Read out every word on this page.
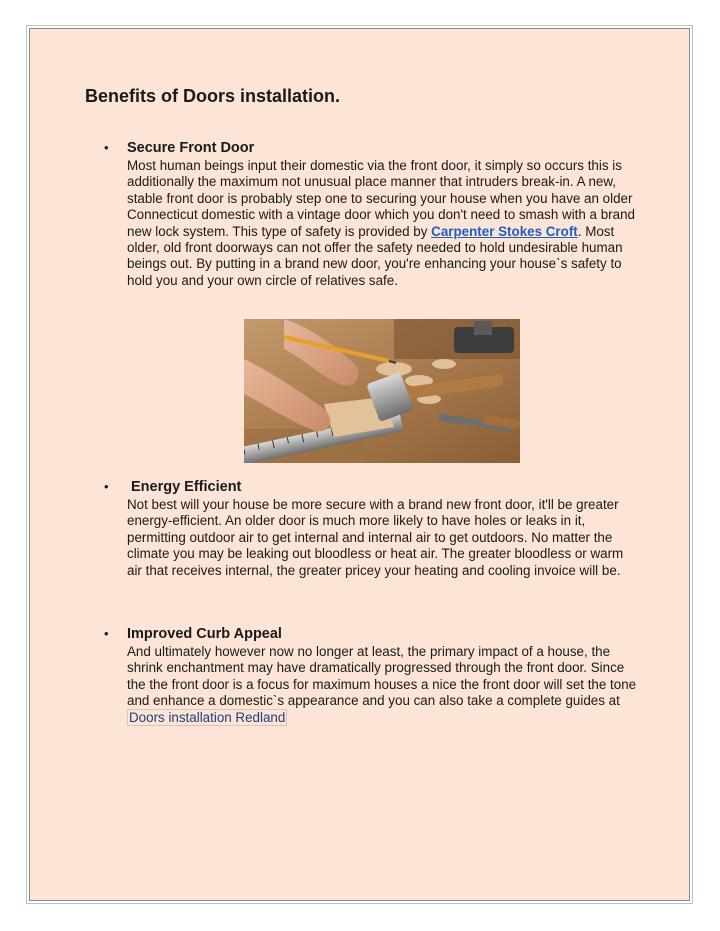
Benefits of Doors installation.
• Secure Front Door

Most human beings input their domestic via the front door, it simply so occurs this is additionally the maximum not unusual place manner that intruders break-in. A new, stable front door is probably step one to securing your house when you have an older Connecticut domestic with a vintage door which you don't need to smash with a brand new lock system. This type of safety is provided by Carpenter Stokes Croft. Most older, old front doorways can not offer the safety needed to hold undesirable human beings out. By putting in a brand new door, you're enhancing your house`s safety to hold you and your own circle of relatives safe.

• Energy Efficient

Not best will your house be more secure with a brand new front door, it'll be greater energy-efficient. An older door is much more likely to have holes or leaks in it, permitting outdoor air to get internal and internal air to get outdoors. No matter the climate you may be leaking out bloodless or heat air. The greater bloodless or warm air that receives internal, the greater pricey your heating and cooling invoice will be.

• Improved Curb Appeal

And ultimately however now no longer at least, the primary impact of a house, the shrink enchantment may have dramatically progressed through the front door. Since the the front door is a focus for maximum houses a nice the front door will set the tone and enhance a domestic`s appearance and you can also take a complete guides at Doors installation Redland
